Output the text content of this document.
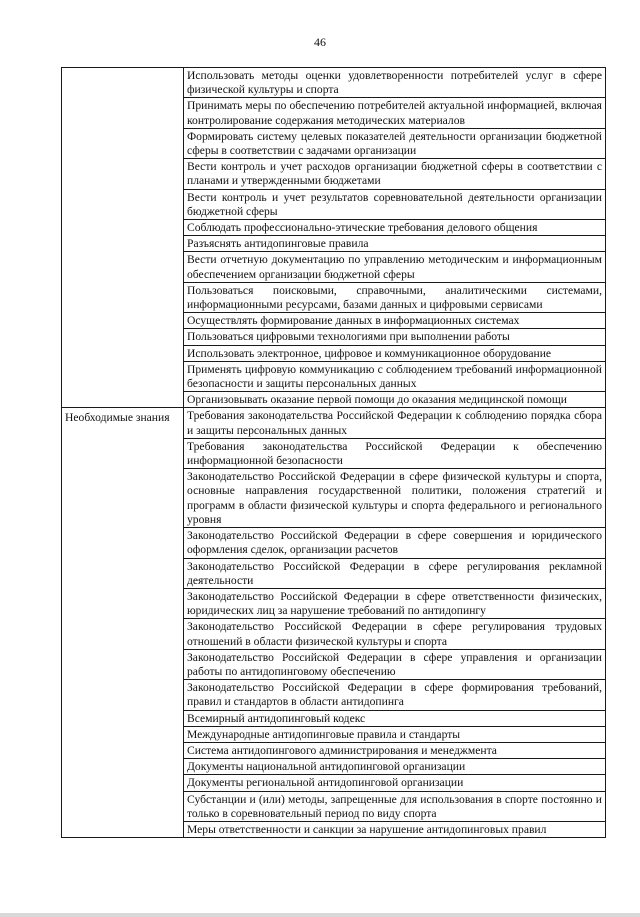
46
	Использовать методы оценки удовлетворенности потребителей услуг в сфере физической культуры и спорта
	Принимать меры по обеспечению потребителей актуальной информацией, включая контролирование содержания методических материалов
	Формировать систему целевых показателей деятельности организации бюджетной сферы в соответствии с задачами организации
	Вести контроль и учет расходов организации бюджетной сферы в соответствии с планами и утвержденными бюджетами
	Вести контроль и учет результатов соревновательной деятельности организации бюджетной сферы
	Соблюдать профессионально-этические требования делового общения
	Разъяснять антидопинговые правила
	Вести отчетную документацию по управлению методическим и информационным обеспечением организации бюджетной сферы
	Пользоваться поисковыми, справочными, аналитическими системами, информационными ресурсами, базами данных и цифровыми сервисами
	Осуществлять формирование данных в информационных системах
	Пользоваться цифровыми технологиями при выполнении работы
	Использовать электронное, цифровое и коммуникационное оборудование
	Применять цифровую коммуникацию с соблюдением требований информационной безопасности и защиты персональных данных
	Организовывать оказание первой помощи до оказания медицинской помощи

Необходимые знания	Требования законодательства Российской Федерации к соблюдению порядка сбора и защиты персональных данных
	Требования законодательства Российской Федерации к обеспечению информационной безопасности
	Законодательство Российской Федерации в сфере физической культуры и спорта, основные направления государственной политики, положения стратегий и программ в области физической культуры и спорта федерального и регионального уровня
	Законодательство Российской Федерации в сфере совершения и юридического оформления сделок, организации расчетов
	Законодательство Российской Федерации в сфере регулирования рекламной деятельности
	Законодательство Российской Федерации в сфере ответственности физических, юридических лиц за нарушение требований по антидопингу
	Законодательство Российской Федерации в сфере регулирования трудовых отношений в области физической культуры и спорта
	Законодательство Российской Федерации в сфере управления и организации работы по антидопинговому обеспечению
	Законодательство Российской Федерации в сфере формирования требований, правил и стандартов в области антидопинга
	Всемирный антидопинговый кодекс
	Международные антидопинговые правила и стандарты
	Система антидопингового администрирования и менеджмента
	Документы национальной антидопинговой организации
	Документы региональной антидопинговой организации
	Субстанции и (или) методы, запрещенные для использования в спорте постоянно и только в соревновательный период по виду спорта
	Меры ответственности и санкции за нарушение антидопинговых правил
